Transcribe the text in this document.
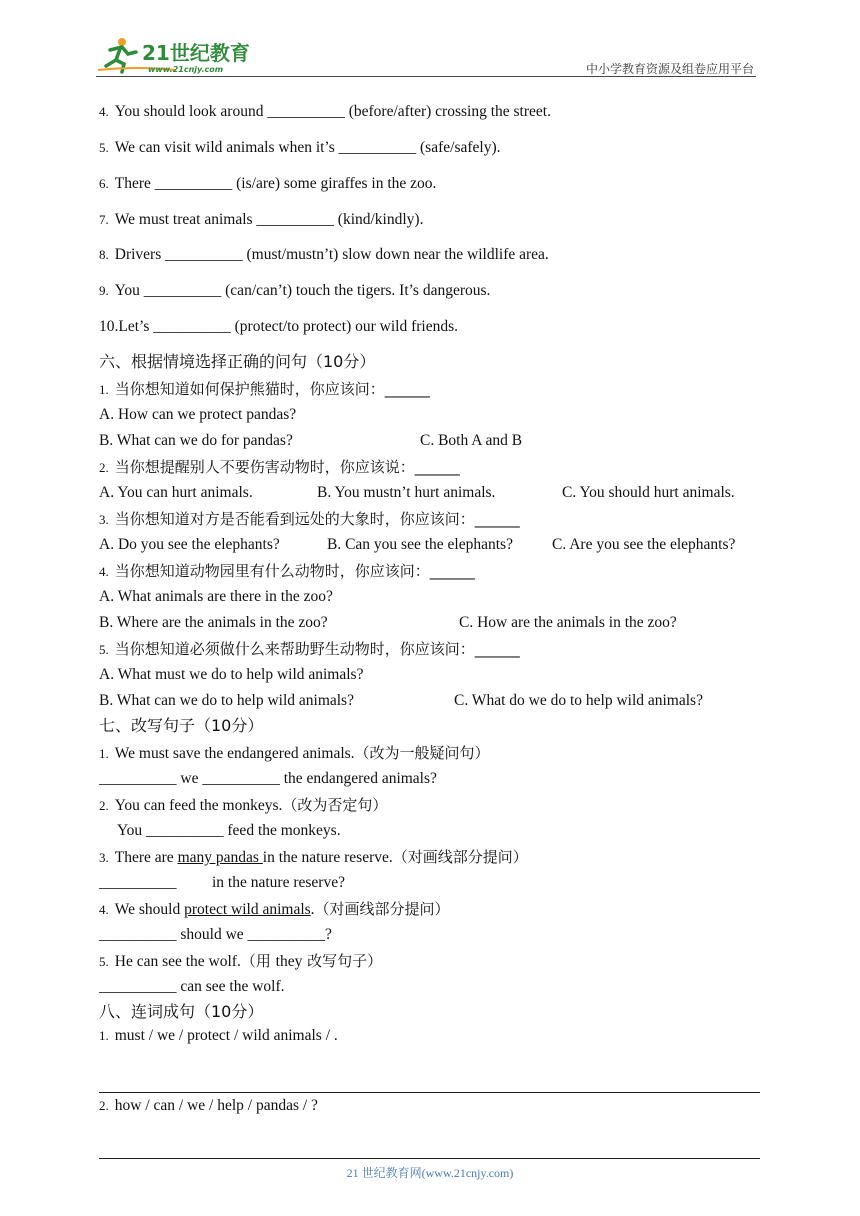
21世纪教育
www.21cnjy.com	中小学教育资源及组卷应用平台
4. You should look around __________ (before/after) crossing the street.
5. We can visit wild animals when it’s __________ (safe/safely).
6. There __________ (is/are) some giraffes in the zoo.
7. We must treat animals __________ (kind/kindly).
8. Drivers __________ (must/mustn’t) slow down near the wildlife area.
9. You __________ (can/can’t) touch the tigers. It’s dangerous.
10.Let’s __________ (protect/to protect) our wild friends.
六、根据情境选择正确的问句（10分）
1. 当你想知道如何保护熊猫时，你应该问：______
A. How can we protect pandas?
B. What can we do for pandas?	C. Both A and B
2. 当你想提醒别人不要伤害动物时，你应该说：______
A. You can hurt animals.	B. You mustn’t hurt animals.	C. You should hurt animals.
3. 当你想知道对方是否能看到远处的大象时，你应该问：______
A. Do you see the elephants?	B. Can you see the elephants?	C. Are you see the elephants?
4. 当你想知道动物园里有什么动物时，你应该问：______
A. What animals are there in the zoo?
B. Where are the animals in the zoo?	C. How are the animals in the zoo?
5. 当你想知道必须做什么来帮助野生动物时，你应该问：______
A. What must we do to help wild animals?
B. What can we do to help wild animals?	C. What do we do to help wild animals?
七、改写句子（10分）
1. We must save the endangered animals.（改为一般疑问句）
__________ we __________ the endangered animals?
2. You can feed the monkeys.（改为否定句）
You __________ feed the monkeys.
3. There are many pandas in the nature reserve.（对画线部分提问）
__________ in the nature reserve?
4. We should protect wild animals.（对画线部分提问）
__________ should we __________?
5. He can see the wolf.（用 they 改写句子）
__________ can see the wolf.
八、连词成句（10分）
1. must / we / protect / wild animals / .
2. how / can / we / help / pandas / ?
21 世纪教育网(www.21cnjy.com)
